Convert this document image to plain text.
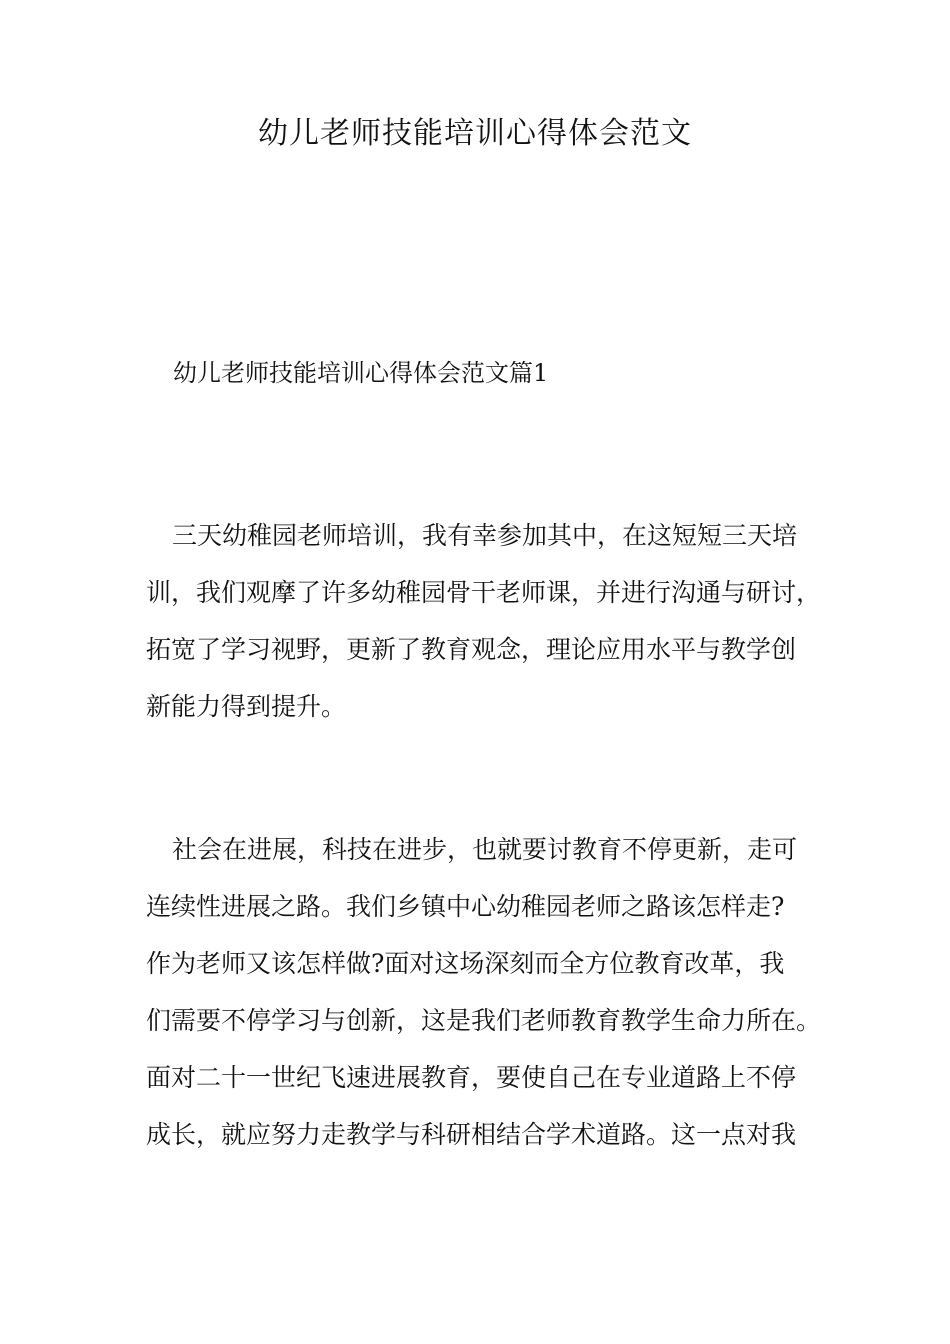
幼儿老师技能培训心得体会范文
幼儿老师技能培训心得体会范文篇1
三天幼稚园老师培训，我有幸参加其中，在这短短三天培
训，我们观摩了许多幼稚园骨干老师课，并进行沟通与研讨，
拓宽了学习视野，更新了教育观念，理论应用水平与教学创
新能力得到提升。
社会在进展，科技在进步，也就要讨教育不停更新，走可
连续性进展之路。我们乡镇中心幼稚园老师之路该怎样走?
作为老师又该怎样做?面对这场深刻而全方位教育改革，我
们需要不停学习与创新，这是我们老师教育教学生命力所在。
面对二十一世纪飞速进展教育，要使自己在专业道路上不停
成长，就应努力走教学与科研相结合学术道路。这一点对我
